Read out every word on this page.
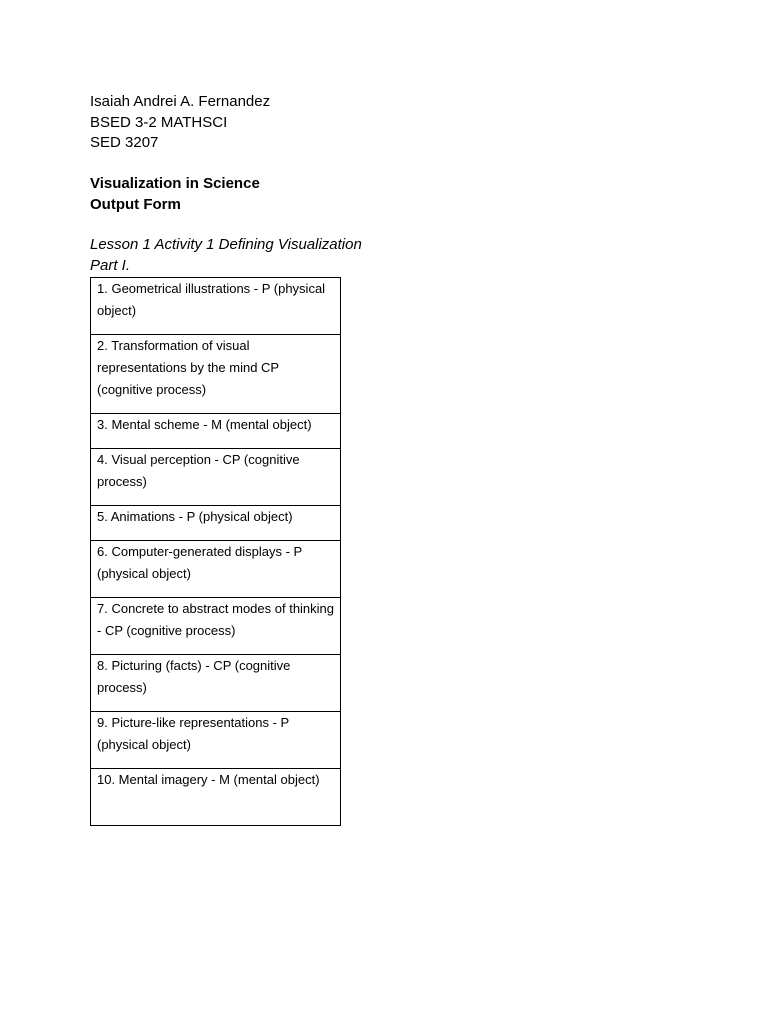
Isaiah Andrei A. Fernandez
BSED 3-2 MATHSCI
SED 3207
Visualization in Science
Output Form
Lesson 1 Activity 1 Defining Visualization
Part I.
1. Geometrical illustrations - P (physical object)

2. Transformation of visual representations by the mind CP (cognitive process)

3. Mental scheme - M (mental object)

4. Visual perception - CP (cognitive process)

5. Animations - P (physical object)

6. Computer-generated displays - P (physical object)

7. Concrete to abstract modes of thinking - CP (cognitive process)

8. Picturing (facts) - CP (cognitive process)

9. Picture-like representations - P (physical object)

10. Mental imagery - M (mental object)
